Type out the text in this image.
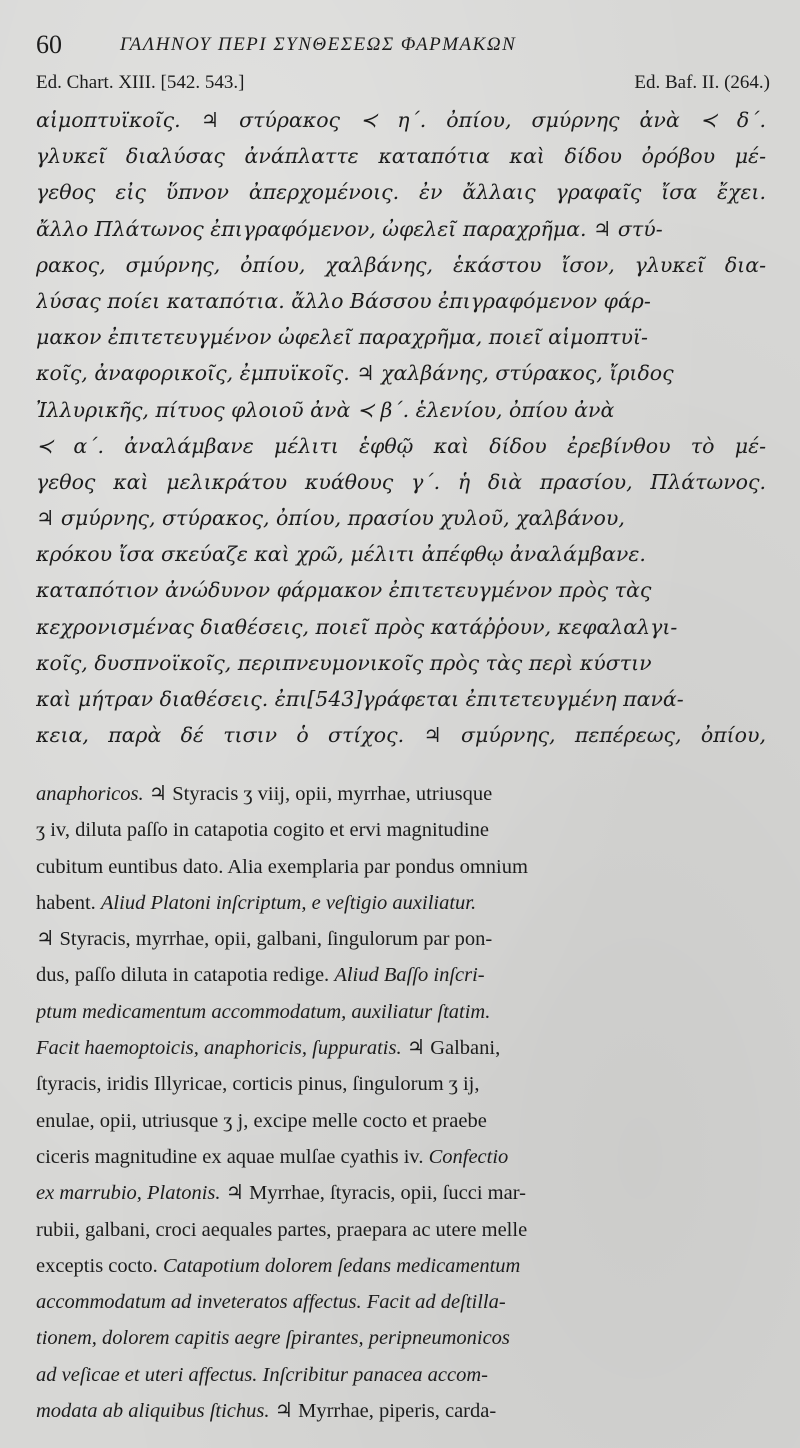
60	ΓΑΛΗΝΟΥ ΠΕΡΙ ΣΥΝΘΕΣΕΩΣ ΦΑΡΜΑΚΩΝ
Ed. Chart. XIII. [542. 543.]	Ed. Baf. II. (264.)
αἱμοπτυϊκοῖς. ♃ στύρακος ≺ η΄. ὀπίου, σμύρνης ἀνὰ ≺ δ΄.
γλυκεῖ διαλύσας ἀνάπλαττε καταπότια καὶ δίδου ὀρόβου μέ-
γεθος εἰς ὕπνον ἀπερχομένοις. ἐν ἄλλαις γραφαῖς ἴσα ἔχει.
ἄλλο Πλάτωνος ἐπιγραφόμενον, ὠφελεῖ παραχρῆμα. ♃ στύ-
ρακος, σμύρνης, ὀπίου, χαλβάνης, ἑκάστου ἴσον, γλυκεῖ δια-
λύσας ποίει καταπότια. ἄλλο Βάσσου ἐπιγραφόμενον φάρ-
μακον ἐπιτετευγμένον ὠφελεῖ παραχρῆμα, ποιεῖ αἱμοπτυϊ-
κοῖς, ἀναφορικοῖς, ἐμπυϊκοῖς. ♃ χαλβάνης, στύρακος, ἴριδος
Ἰλλυρικῆς, πίτυος φλοιοῦ ἀνὰ ≺ β΄. ἑλενίου, ὀπίου ἀνὰ
≺ α΄. ἀναλάμβανε μέλιτι ἑφθῷ καὶ δίδου ἐρεβίνθου τὸ μέ-
γεθος καὶ μελικράτου κυάθους γ΄. ἡ διὰ πρασίου, Πλάτωνος.
♃ σμύρνης, στύρακος, ὀπίου, πρασίου χυλοῦ, χαλβάνου,
κρόκου ἴσα σκεύαζε καὶ χρῶ, μέλιτι ἀπέφθῳ ἀναλάμβανε.
καταπότιον ἀνώδυνον φάρμακον ἐπιτετευγμένον πρὸς τὰς
κεχρονισμένας διαθέσεις, ποιεῖ πρὸς κατάῤῥουν, κεφαλαλγι-
κοῖς, δυσπνοϊκοῖς, περιπνευμονικοῖς πρὸς τὰς περὶ κύστιν
καὶ μήτραν διαθέσεις. ἐπι[543]γράφεται ἐπιτετευγμένη πανά-
κεια, παρὰ δέ τισιν ὁ στίχος. ♃ σμύρνης, πεπέρεως, ὀπίου,
anaphoricos. ♃ Styracis ʒ viij, opii, myrrhae, utriusque
ʒ iv, diluta paſſo in catapotia cogito et ervi magnitudine
cubitum euntibus dato. Alia exemplaria par pondus omnium
habent. Aliud Platoni inſcriptum, e veſtigio auxiliatur.
♃ Styracis, myrrhae, opii, galbani, ſingulorum par pon-
dus, paſſo diluta in catapotia redige. Aliud Baſſo inſcri-
ptum medicamentum accommodatum, auxiliatur ſtatim.
Facit haemoptoicis, anaphoricis, ſuppuratis. ♃ Galbani,
ſtyracis, iridis Illyricae, corticis pinus, ſingulorum ʒ ij,
enulae, opii, utriusque ʒ j, excipe melle cocto et praebe
ciceris magnitudine ex aquae mulſae cyathis iv. Confectio
ex marrubio, Platonis. ♃ Myrrhae, ſtyracis, opii, ſucci mar-
rubii, galbani, croci aequales partes, praepara ac utere melle
exceptis cocto. Catapotium dolorem ſedans medicamentum
accommodatum ad inveteratos affectus. Facit ad deſtilla-
tionem, dolorem capitis aegre ſpirantes, peripneumonicos
ad veſicae et uteri affectus. Inſcribitur panacea accom-
modata ab aliquibus ſtichus. ♃ Myrrhae, piperis, carda-
